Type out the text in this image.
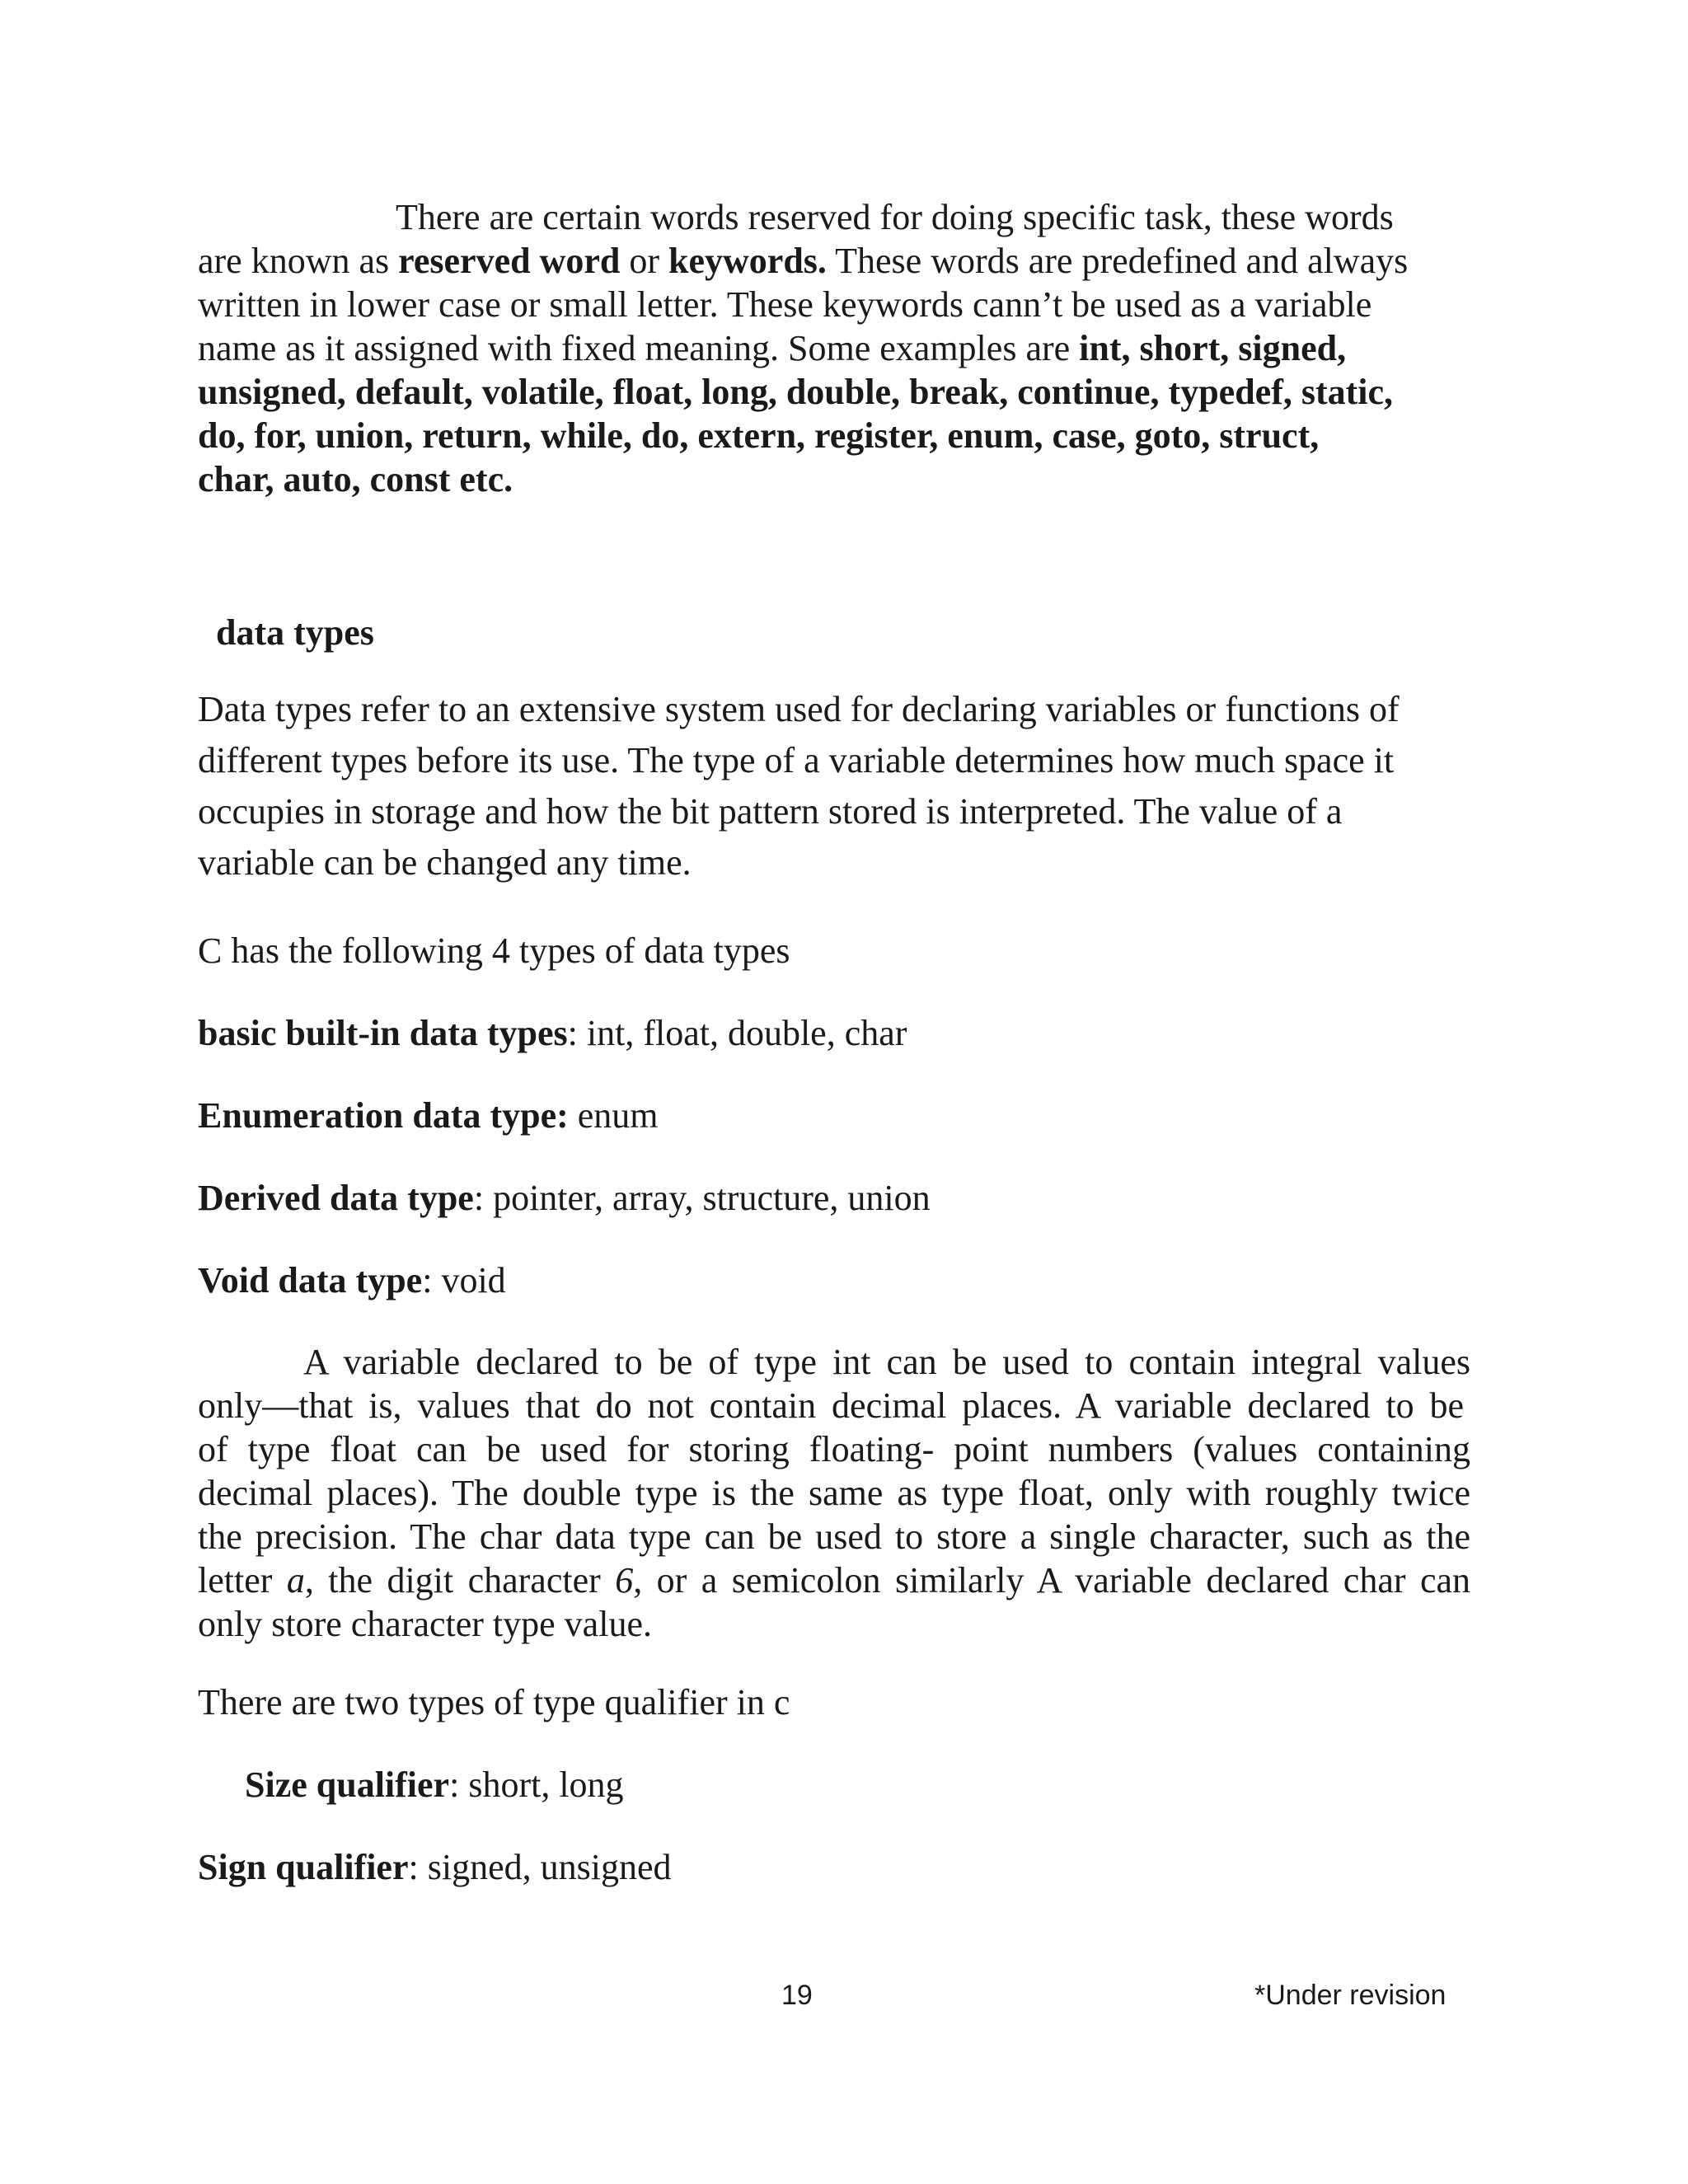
There are certain words reserved for doing specific task, these words
are known as reserved word or keywords. These words are predefined and always
written in lower case or small letter. These keywords cann’t be used as a variable
name as it assigned with fixed meaning. Some examples are int, short, signed,
unsigned, default, volatile, float, long, double, break, continue, typedef, static,
do, for, union, return, while, do, extern, register, enum, case, goto, struct,
char, auto, const etc.

data types

Data types refer to an extensive system used for declaring variables or functions of
different types before its use. The type of a variable determines how much space it
occupies in storage and how the bit pattern stored is interpreted. The value of a
variable can be changed any time.

C has the following 4 types of data types

basic built-in data types: int, float, double, char

Enumeration data type: enum

Derived data type: pointer, array, structure, union

Void data type: void

A variable declared to be of type int can be used to contain integral values
only—that is, values that do not contain decimal places. A variable declared to be
of type float can be used for storing floating- point numbers (values containing
decimal places). The double type is the same as type float, only with roughly twice
the precision. The char data type can be used to store a single character, such as the
letter a, the digit character 6, or a semicolon similarly A variable declared char can
only store character type value.

There are two types of type qualifier in c

Size qualifier: short, long

Sign qualifier: signed, unsigned

19	*Under revision
